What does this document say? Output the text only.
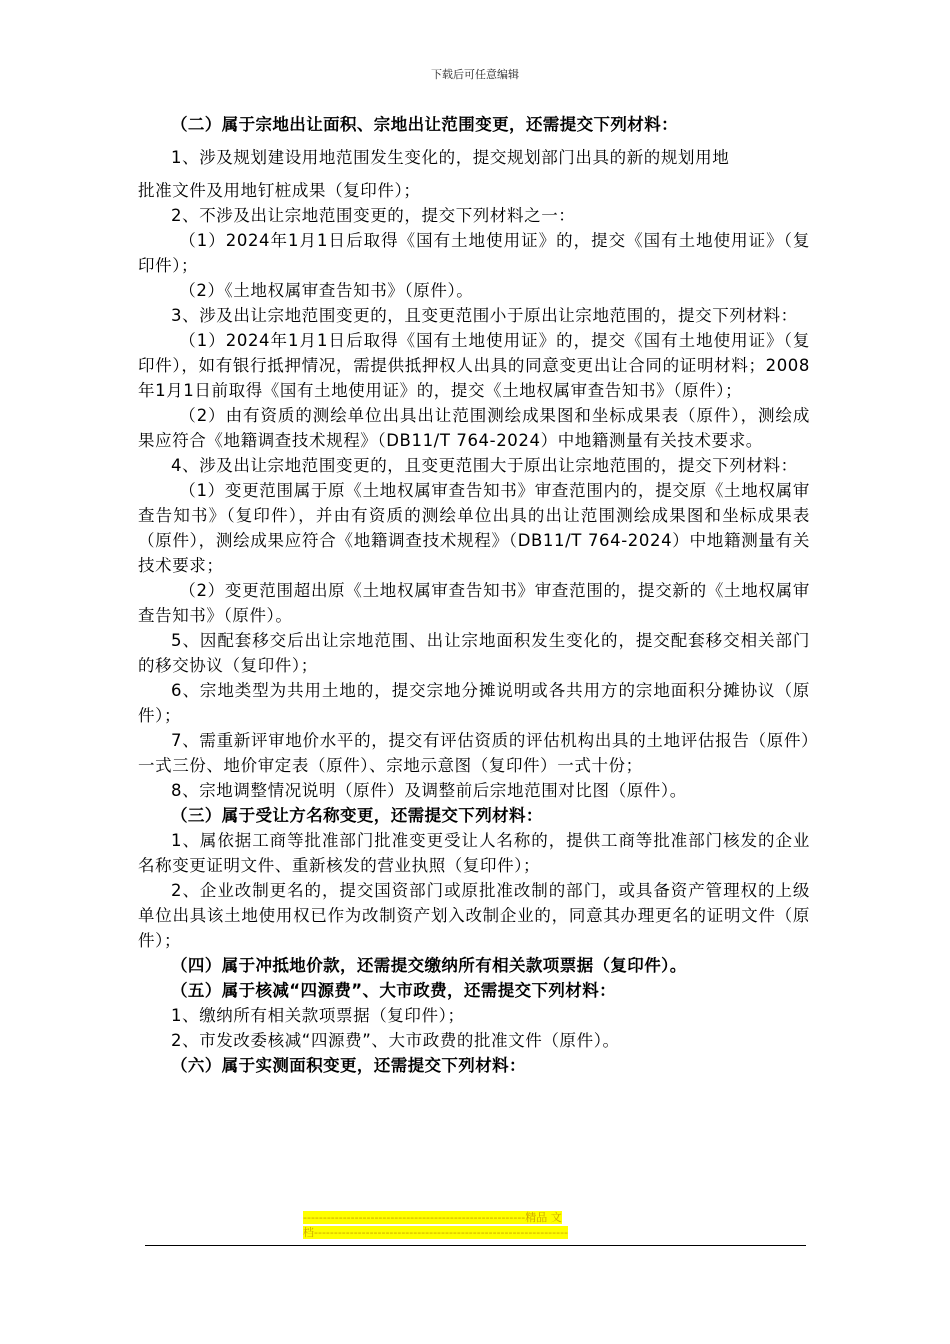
下载后可任意编辑

（二）属于宗地出让面积、宗地出让范围变更，还需提交下列材料：

1、涉及规划建设用地范围发生变化的，提交规划部门出具的新的规划用地

批准文件及用地钉桩成果（复印件）；

2、不涉及出让宗地范围变更的，提交下列材料之一：

（1）2024年1月1日后取得《国有土地使用证》的，提交《国有土地使用证》（复印件）；

（2）《土地权属审查告知书》（原件）。

3、涉及出让宗地范围变更的，且变更范围小于原出让宗地范围的，提交下列材料：

（1）2024年1月1日后取得《国有土地使用证》的，提交《国有土地使用证》（复印件），如有银行抵押情况，需提供抵押权人出具的同意变更出让合同的证明材料；2008年1月1日前取得《国有土地使用证》的，提交《土地权属审查告知书》（原件）；

（2）由有资质的测绘单位出具出让范围测绘成果图和坐标成果表（原件），测绘成果应符合《地籍调查技术规程》（DB11/T 764-2024）中地籍测量有关技术要求。

4、涉及出让宗地范围变更的，且变更范围大于原出让宗地范围的，提交下列材料：

（1）变更范围属于原《土地权属审查告知书》审查范围内的，提交原《土地权属审查告知书》（复印件），并由有资质的测绘单位出具的出让范围测绘成果图和坐标成果表（原件），测绘成果应符合《地籍调查技术规程》（DB11/T 764-2024）中地籍测量有关技术要求；

（2）变更范围超出原《土地权属审查告知书》审查范围的，提交新的《土地权属审查告知书》（原件）。

5、因配套移交后出让宗地范围、出让宗地面积发生变化的，提交配套移交相关部门的移交协议（复印件）；

6、宗地类型为共用土地的，提交宗地分摊说明或各共用方的宗地面积分摊协议（原件）；

7、需重新评审地价水平的，提交有评估资质的评估机构出具的土地评估报告（原件）一式三份、地价审定表（原件）、宗地示意图（复印件）一式十份；

8、宗地调整情况说明（原件）及调整前后宗地范围对比图（原件）。

（三）属于受让方名称变更，还需提交下列材料：

1、属依据工商等批准部门批准变更受让人名称的，提供工商等批准部门核发的企业名称变更证明文件、重新核发的营业执照（复印件）；

2、企业改制更名的，提交国资部门或原批准改制的部门，或具备资产管理权的上级单位出具该土地使用权已作为改制资产划入改制企业的，同意其办理更名的证明文件（原件）；

（四）属于冲抵地价款，还需提交缴纳所有相关款项票据（复印件）。

（五）属于核减“四源费”、大市政费，还需提交下列材料：

1、缴纳所有相关款项票据（复印件）；

2、市发改委核减“四源费”、大市政费的批准文件（原件）。

（六）属于实测面积变更，还需提交下列材料：

--------------------------------------------------------精品 文
档----------------------------------------------------------------
